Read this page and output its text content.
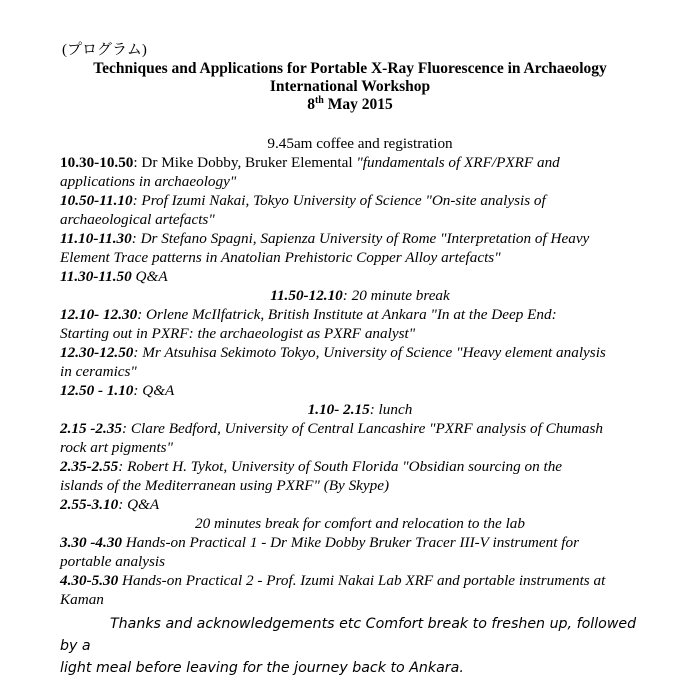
(プログラム)
Techniques and Applications for Portable X-Ray Fluorescence in Archaeology
International Workshop
8th May 2015
9.45am coffee and registration
10.30-10.50: Dr Mike Dobby, Bruker Elemental "fundamentals of XRF/PXRF and
applications in archaeology"
10.50-11.10: Prof Izumi Nakai, Tokyo University of Science "On-site analysis of
archaeological artefacts"
11.10-11.30: Dr Stefano Spagni, Sapienza University of Rome "Interpretation of Heavy
Element Trace patterns in Anatolian Prehistoric Copper Alloy artefacts"
11.30-11.50 Q&A
11.50-12.10: 20 minute break
12.10- 12.30: Orlene McIlfatrick, British Institute at Ankara "In at the Deep End:
Starting out in PXRF: the archaeologist as PXRF analyst"
12.30-12.50: Mr Atsuhisa Sekimoto Tokyo, University of Science "Heavy element analysis
in ceramics"
12.50 - 1.10: Q&A
1.10- 2.15: lunch
2.15 -2.35: Clare Bedford, University of Central Lancashire "PXRF analysis of Chumash
rock art pigments"
2.35-2.55: Robert H. Tykot, University of South Florida "Obsidian sourcing on the
islands of the Mediterranean using PXRF" (By Skype)
2.55-3.10: Q&A
20 minutes break for comfort and relocation to the lab
3.30 -4.30 Hands-on Practical 1 - Dr Mike Dobby Bruker Tracer III-V instrument for
portable analysis
4.30-5.30 Hands-on Practical 2 - Prof. Izumi Nakai Lab XRF and portable instruments at
Kaman
Thanks and acknowledgements etc Comfort break to freshen up, followed by a
light meal before leaving for the journey back to Ankara.
